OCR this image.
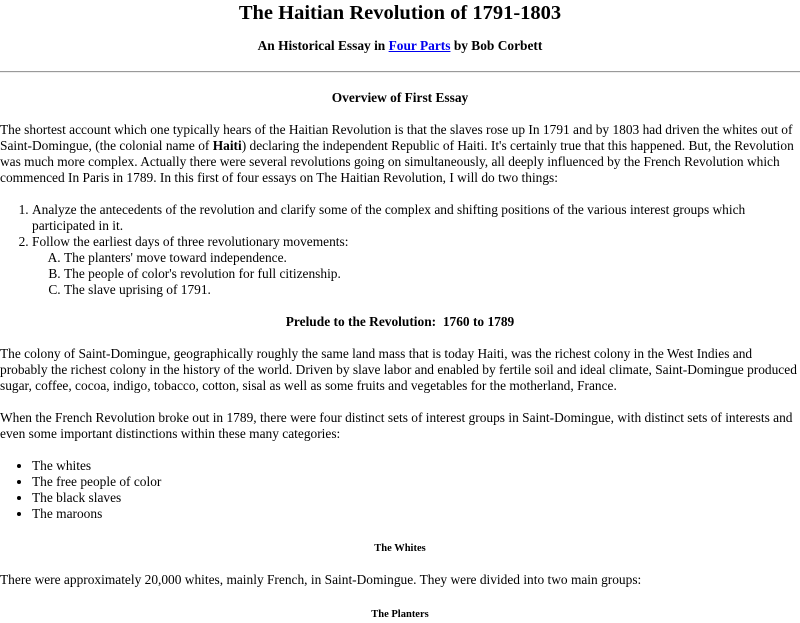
The Haitian Revolution of 1791-1803
An Historical Essay in Four Parts by Bob Corbett
Overview of First Essay

The shortest account which one typically hears of the Haitian Revolution is that the slaves rose up In 1791 and by 1803 had driven the whites out of Saint-Domingue, (the colonial name of Haiti) declaring the independent Republic of Haiti. It's certainly true that this happened. But, the Revolution was much more complex. Actually there were several revolutions going on simultaneously, all deeply influenced by the French Revolution which commenced In Paris in 1789. In this first of four essays on The Haitian Revolution, I will do two things:

1. Analyze the antecedents of the revolution and clarify some of the complex and shifting positions of the various interest groups which participated in it.
2. Follow the earliest days of three revolutionary movements:
A. The planters' move toward independence.
B. The people of color's revolution for full citizenship.
C. The slave uprising of 1791.
Prelude to the Revolution:  1760 to 1789

The colony of Saint-Domingue, geographically roughly the same land mass that is today Haiti, was the richest colony in the West Indies and probably the richest colony in the history of the world. Driven by slave labor and enabled by fertile soil and ideal climate, Saint-Domingue produced sugar, coffee, cocoa, indigo, tobacco, cotton, sisal as well as some fruits and vegetables for the motherland, France.

When the French Revolution broke out in 1789, there were four distinct sets of interest groups in Saint-Domingue, with distinct sets of interests and even some important distinctions within these many categories:

• The whites
• The free people of color
• The black slaves
• The maroons
The Whites

There were approximately 20,000 whites, mainly French, in Saint-Domingue. They were divided into two main groups:

The Planters
